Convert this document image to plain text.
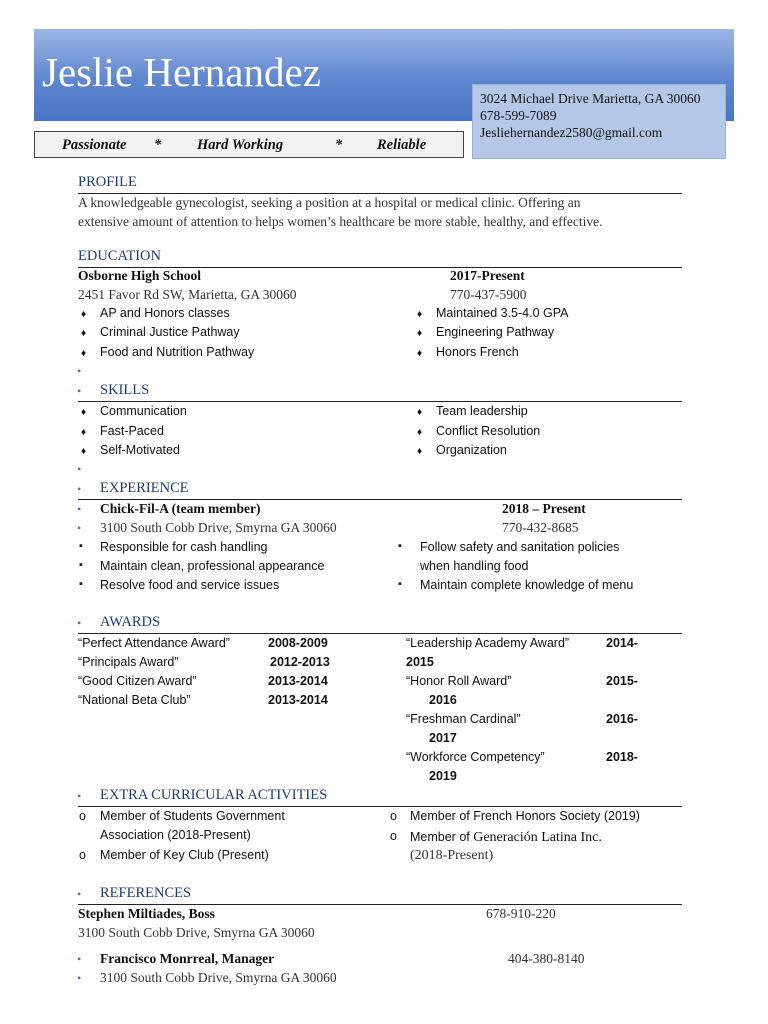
Jeslie Hernandez
3024 Michael Drive Marietta, GA 30060
678-599-7089
Jesliehernandez2580@gmail.com
Passionate * Hard Working	* Reliable
PROFILE
A knowledgeable gynecologist, seeking a position at a hospital or medical clinic. Offering an
extensive amount of attention to helps women’s healthcare be more stable, healthy, and effective.
EDUCATION
Osborne High School	2017-Present
2451 Favor Rd SW, Marietta, GA 30060	770-437-5900
♦ AP and Honors classes
♦ Criminal Justice Pathway
♦ Food and Nutrition Pathway
♦ Maintained 3.5-4.0 GPA
♦ Engineering Pathway
♦ Honors French
•
• SKILLS
♦ Communication
♦ Fast-Paced
♦ Self-Motivated
♦ Team leadership
♦ Conflict Resolution
♦ Organization
•
• EXPERIENCE
• Chick-Fil-A (team member)	2018 – Present
• 3100 South Cobb Drive, Smyrna GA 30060	770-432-8685
▪ Responsible for cash handling
▪ Maintain clean, professional appearance
▪ Resolve food and service issues
▪ Follow safety and sanitation policies
when handling food
▪ Maintain complete knowledge of menu
• AWARDS
“Perfect Attendance Award”	2008-2009
“Principals Award”	2012-2013
“Good Citizen Award”	2013-2014
“National Beta Club”	2013-2014
“Leadership Academy Award”	2014-
2015
“Honor Roll Award”	2015-
2016
“Freshman Cardinal”	2016-
2017
“Workforce Competency”	2018-
2019
• EXTRA CURRICULAR ACTIVITIES
o Member of Students Government
Association (2018-Present)
o Member of Key Club (Present)
o Member of French Honors Society (2019)
o Member of Generación Latina Inc.
(2018-Present)
• REFERENCES
Stephen Miltiades, Boss	678-910-220
3100 South Cobb Drive, Smyrna GA 30060
• Francisco Monrreal, Manager	404-380-8140
• 3100 South Cobb Drive, Smyrna GA 30060
